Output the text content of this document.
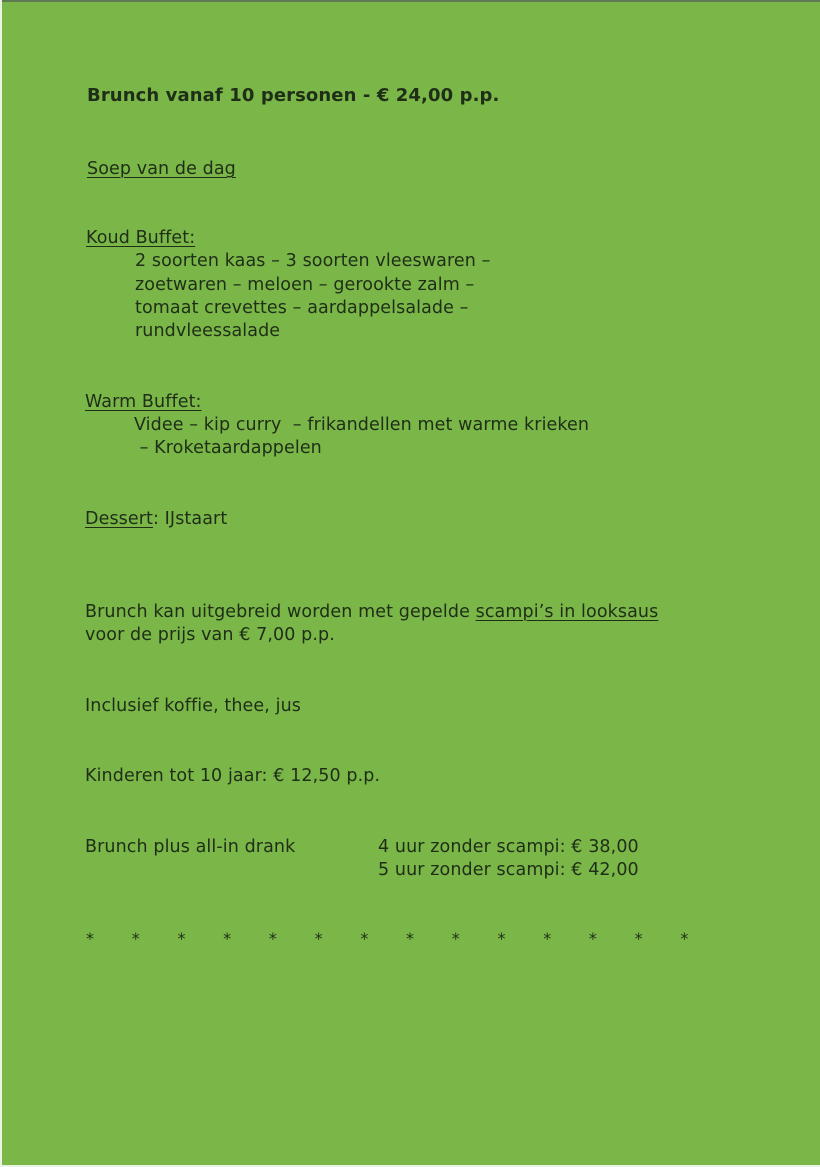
Brunch vanaf 10 personen - € 24,00 p.p.
Soep van de dag
Koud Buffet:
2 soorten kaas – 3 soorten vleeswaren –
zoetwaren – meloen – gerookte zalm –
tomaat crevettes – aardappelsalade –
rundvleessalade
Warm Buffet:
Videe – kip curry  – frikandellen met warme krieken
– Kroketaardappelen
Dessert: IJstaart
Brunch kan uitgebreid worden met gepelde scampi’s in looksaus
voor de prijs van € 7,00 p.p.
Inclusief koffie, thee, jus
Kinderen tot 10 jaar: € 12,50 p.p.
Brunch plus all-in drank	4 uur zonder scampi: € 38,00
5 uur zonder scampi: € 42,00
*	*	*	*	*	*	*	*	*	*	*	*	*	*
